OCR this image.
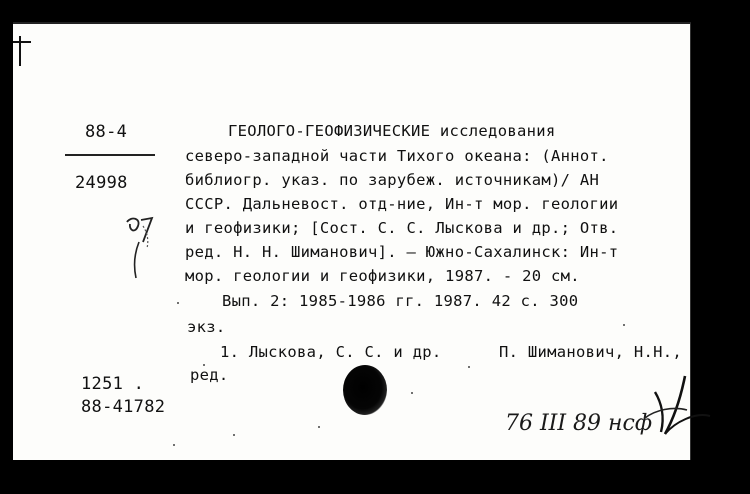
88-4
24998
ГЕОЛОГО-ГЕОФИЗИЧЕСКИЕ исследования
северо-западной части Тихого океана: (Аннот.
библиогр. указ. по зарубеж. источникам)/ АН
СССР. Дальневост. отд-ние, Ин-т мор. геологии
и геофизики; [Сост. С. С. Лыскова и др.; Отв.
ред. Н. Н. Шиманович]. — Южно-Сахалинск: Ин-т
мор. геологии и геофизики, 1987. - 20 см.
Вып. 2: 1985-1986 гг. 1987. 42 с. 300
экз.
1. Лыскова, С. С. и др.	П. Шиманович, Н.Н.,
ред.
1251 .
88-41782
76 III 89 нсф
